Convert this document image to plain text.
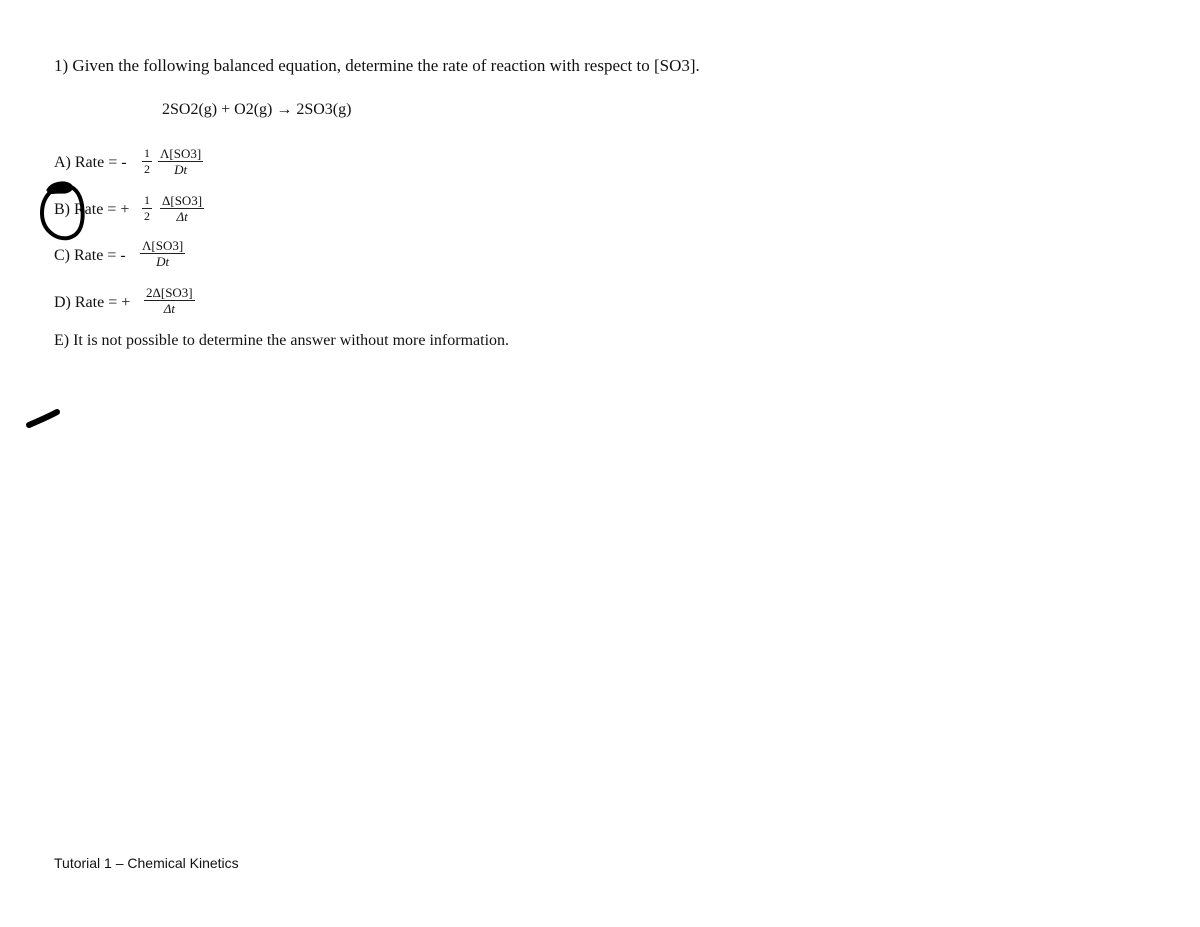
1) Given the following balanced equation, determine the rate of reaction with respect to [SO3].
2SO2(g) + O2(g) → 2SO3(g)
A) Rate = - $\frac{1}{2} \frac{\Lambda[SO3]}{Dt}$
B) Rate = + $\frac{1}{2} \frac{\Delta[SO3]}{\Delta t}$
C) Rate = - $\frac{\Lambda[SO3]}{Dt}$
D) Rate = + $\frac{2\Delta[SO3]}{\Delta t}$
E) It is not possible to determine the answer without more information.
Tutorial 1 – Chemical Kinetics
